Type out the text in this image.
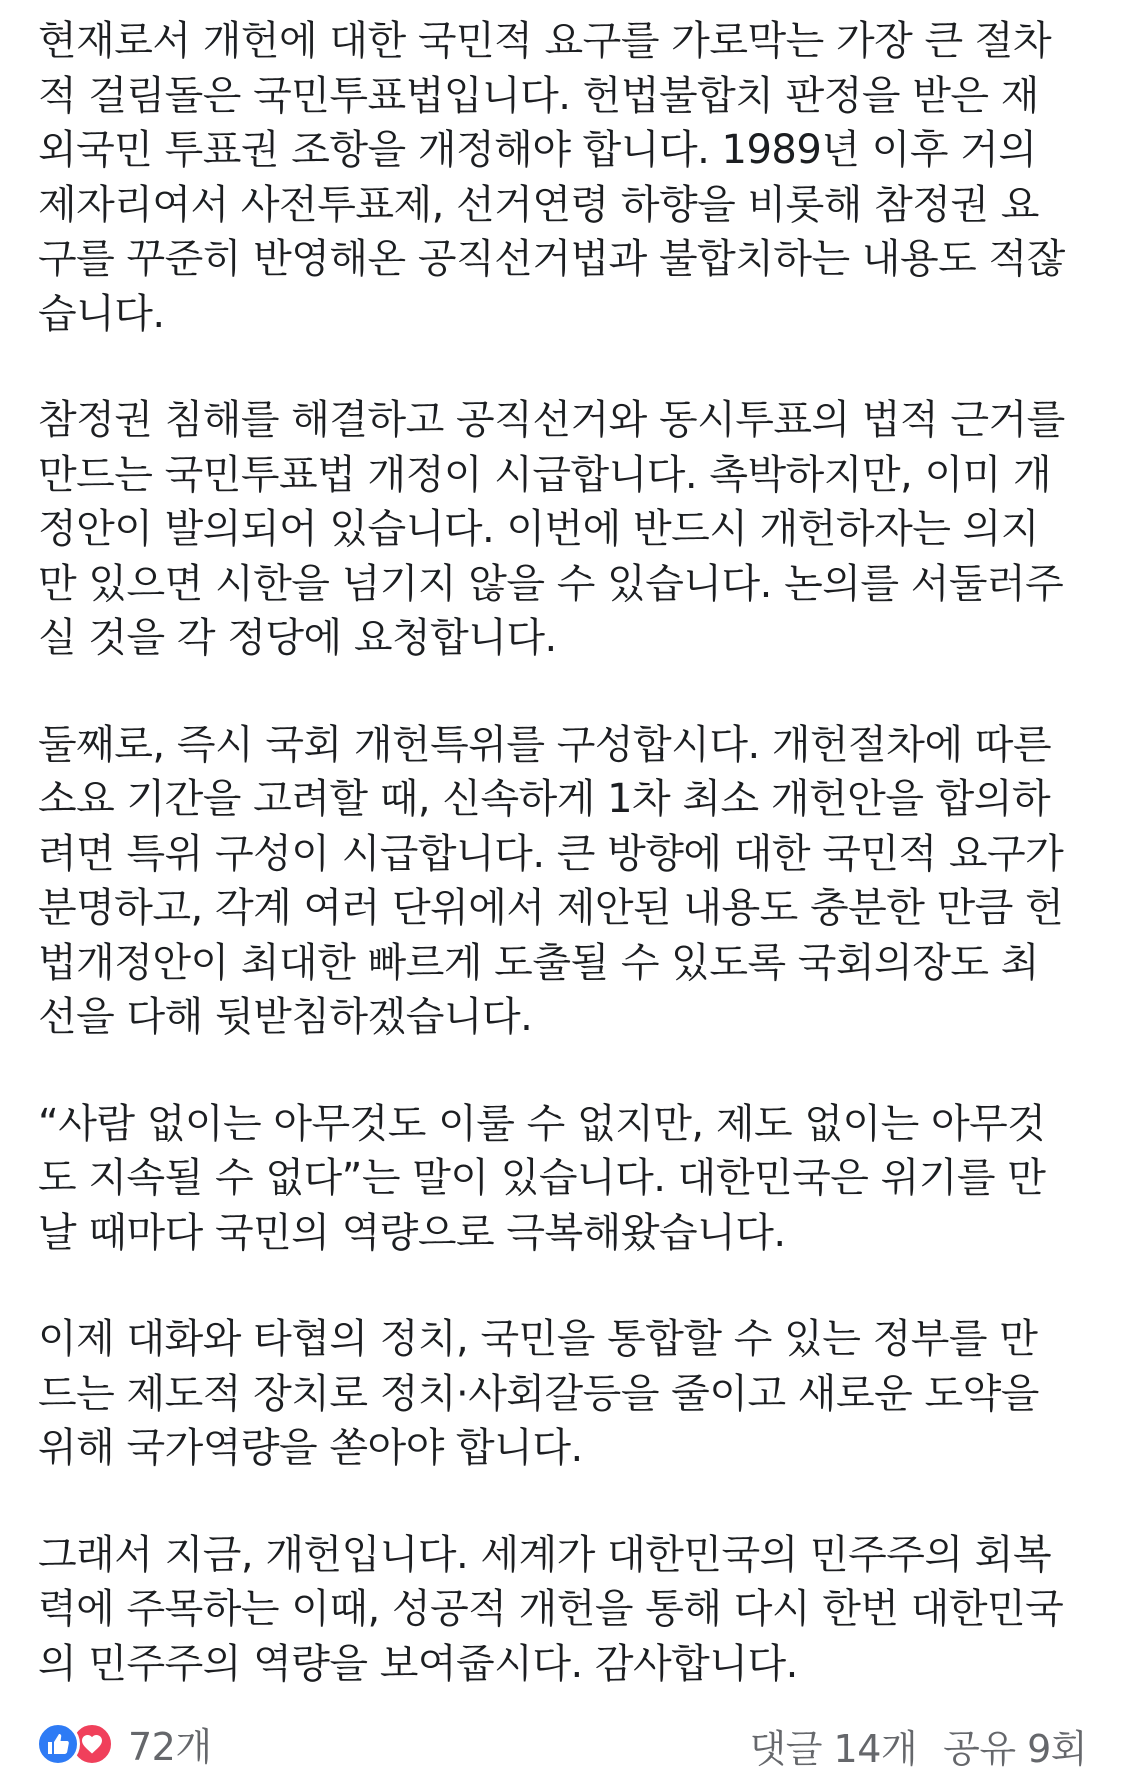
현재로서 개헌에 대한 국민적 요구를 가로막는 가장 큰 절차
적 걸림돌은 국민투표법입니다. 헌법불합치 판정을 받은 재
외국민 투표권 조항을 개정해야 합니다. 1989년 이후 거의
제자리여서 사전투표제, 선거연령 하향을 비롯해 참정권 요
구를 꾸준히 반영해온 공직선거법과 불합치하는 내용도 적잖
습니다.

참정권 침해를 해결하고 공직선거와 동시투표의 법적 근거를
만드는 국민투표법 개정이 시급합니다. 촉박하지만, 이미 개
정안이 발의되어 있습니다. 이번에 반드시 개헌하자는 의지
만 있으면 시한을 넘기지 않을 수 있습니다. 논의를 서둘러주
실 것을 각 정당에 요청합니다.

둘째로, 즉시 국회 개헌특위를 구성합시다. 개헌절차에 따른
소요 기간을 고려할 때, 신속하게 1차 최소 개헌안을 합의하
려면 특위 구성이 시급합니다. 큰 방향에 대한 국민적 요구가
분명하고, 각계 여러 단위에서 제안된 내용도 충분한 만큼 헌
법개정안이 최대한 빠르게 도출될 수 있도록 국회의장도 최
선을 다해 뒷받침하겠습니다.

“사람 없이는 아무것도 이룰 수 없지만, 제도 없이는 아무것
도 지속될 수 없다”는 말이 있습니다. 대한민국은 위기를 만
날 때마다 국민의 역량으로 극복해왔습니다.

이제 대화와 타협의 정치, 국민을 통합할 수 있는 정부를 만
드는 제도적 장치로 정치·사회갈등을 줄이고 새로운 도약을
위해 국가역량을 쏟아야 합니다.

그래서 지금, 개헌입니다. 세계가 대한민국의 민주주의 회복
력에 주목하는 이때, 성공적 개헌을 통해 다시 한번 대한민국
의 민주주의 역량을 보여줍시다. 감사합니다.

72개	댓글 14개 공유 9회
